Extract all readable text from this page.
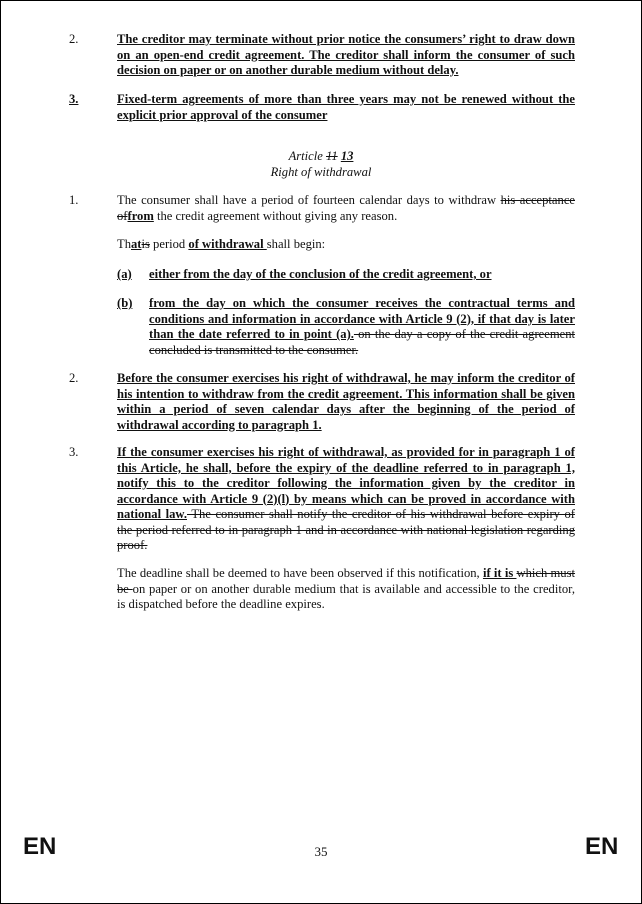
2.	The creditor may terminate without prior notice the consumers’ right to draw down on an open-end credit agreement. The creditor shall inform the consumer of such decision on paper or on another durable medium without delay.
3.	Fixed-term agreements of more than three years may not be renewed without the explicit prior approval of the consumer
Article 11 13
Right of withdrawal
1.	The consumer shall have a period of fourteen calendar days to withdraw his acceptance offrom the credit agreement without giving any reason.
Thatis period of withdrawal shall begin:
(a) either from the day of the conclusion of the credit agreement, or
(b) from the day on which the consumer receives the contractual terms and conditions and information in accordance with Article 9 (2), if that day is later than the date referred to in point (a). on the day a copy of the credit agreement concluded is transmitted to the consumer.
2.	Before the consumer exercises his right of withdrawal, he may inform the creditor of his intention to withdraw from the credit agreement. This information shall be given within a period of seven calendar days after the beginning of the period of withdrawal according to paragraph 1.
3.	If the consumer exercises his right of withdrawal, as provided for in paragraph 1 of this Article, he shall, before the expiry of the deadline referred to in paragraph 1, notify this to the creditor following the information given by the creditor in accordance with Article 9 (2)(l) by means which can be proved in accordance with national law. The consumer shall notify the creditor of his withdrawal before expiry of the period referred to in paragraph 1 and in accordance with national legislation regarding proof.
The deadline shall be deemed to have been observed if this notification, if it is which must be on paper or on another durable medium that is available and accessible to the creditor, is dispatched before the deadline expires.
EN	35	EN
